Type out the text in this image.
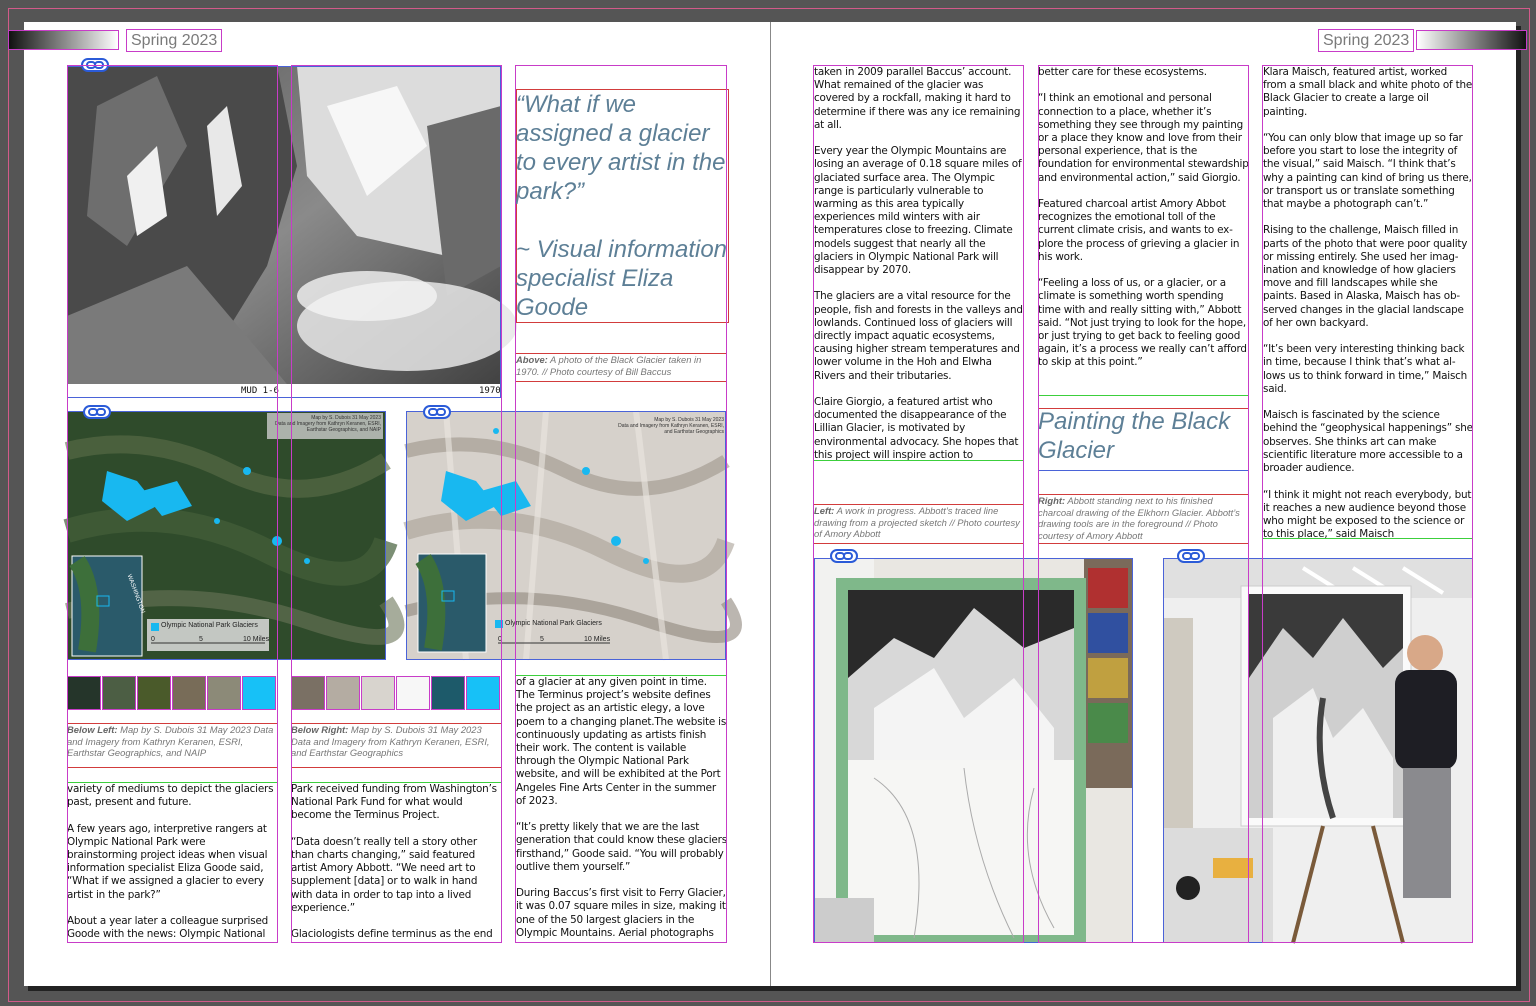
Spring 2023	Spring 2023
MUD 1-6	1970
“What if we assigned a glacier to every artist in the park?”

~ Visual information specialist Eliza Goode
Above: A photo of the Black Glacier taken in 1970. // Photo courtesy of Bill Baccus
WASHINGTON
Olympic National Park Glaciers
0	5	10 Miles
Map by S. Dubois 31 May 2023
Data and Imagery from Kathryn Keranen, ESRI, Earthstar Geographics, and NAIP
Olympic National Park Glaciers
0	5	10 Miles
Map by S. Dubois 31 May 2023
Data and Imagery from Kathryn Keranen, ESRI, and Earthstar Geographics
Below Left: Map by S. Dubois 31 May 2023 Data and Imagery from Kathryn Keranen, ESRI, Earthstar Geographics, and NAIP
Below Right: Map by S. Dubois 31 May 2023 Data and Imagery from Kathryn Keranen, ESRI, and Earthstar Geographics
variety of mediums to depict the glaciers past, present and future.

A few years ago, interpretive rangers at Olympic National Park were brainstorming project ideas when visual information specialist Eliza Goode said, “What if we assigned a glacier to every artist in the park?”

About a year later a colleague surprised Goode with the news: Olympic National
Park received funding from Washington’s National Park Fund for what would become the Terminus Project.

“Data doesn’t really tell a story other than charts changing,” said featured artist Amory Abbott. “We need art to supplement [data] or to walk in hand with data in order to tap into a lived experience.”

Glaciologists define terminus as the end
of a glacier at any given point in time. The Terminus project’s website defines the project as an artistic elegy, a love poem to a changing planet.The website is continuously updating as artists finish their work. The content is vailable through the Olympic National Park website, and will be exhibited at the Port Angeles Fine Arts Center in the summer of 2023.

“It’s pretty likely that we are the last generation that could know these glaciers firsthand,” Goode said. “You will probably outlive them yourself.”

During Baccus’s first visit to Ferry Glacier, it was 0.07 square miles in size, making it one of the 50 largest glaciers in the Olympic Mountains. Aerial photographs
taken in 2009 parallel Baccus’ account. What remained of the glacier was covered by a rockfall, making it hard to determine if there was any ice remaining at all.

Every year the Olympic Mountains are losing an average of 0.18 square miles of glaciated surface area. The Olympic range is particularly vulnerable to warming as this area typically experiences mild winters with air temperatures close to freezing. Climate models suggest that nearly all the glaciers in Olympic National Park will disappear by 2070.

The glaciers are a vital resource for the people, fish and forests in the valleys and lowlands. Continued loss of glaciers will directly impact aquatic ecosystems, causing higher stream temperatures and lower volume in the Hoh and Elwha Rivers and their tributaries.

Claire Giorgio, a featured artist who documented the disappearance of the Lillian Glacier, is motivated by environmental advocacy. She hopes that this project will inspire action to
better care for these ecosystems.

“I think an emotional and personal connection to a place, whether it’s something they see through my painting or a place they know and love from their personal experience, that is the foundation for environmental stewardship and environmental action,” said Giorgio.

Featured charcoal artist Amory Abbot recognizes the emotional toll of the current climate crisis, and wants to ex-plore the process of grieving a glacier in his work.

“Feeling a loss of us, or a glacier, or a climate is something worth spending time with and really sitting with,” Abbott said. “Not just trying to look for the hope, or just trying to get back to feeling good again, it’s a process we really can’t afford to skip at this point.”
Klara Maisch, featured artist, worked from a small black and white photo of the Black Glacier to create a large oil painting.

“You can only blow that image up so far before you start to lose the integrity of the visual,” said Maisch. “I think that’s why a painting can kind of bring us there, or transport us or translate something that maybe a photograph can’t.”

Rising to the challenge, Maisch filled in parts of the photo that were poor quality or missing entirely. She used her imag-ination and knowledge of how glaciers move and fill landscapes while she paints. Based in Alaska, Maisch has ob-served changes in the glacial landscape of her own backyard.

“It’s been very interesting thinking back in time, because I think that’s what al-lows us to think forward in time,” Maisch said.

Maisch is fascinated by the science behind the “geophysical happenings” she observes. She thinks art can make scientific literature more accessible to a broader audience.

“I think it might not reach everybody, but it reaches a new audience beyond those who might be exposed to the science or to this place,” said Maisch
Painting the Black Glacier
Left: A work in progress. Abbott’s traced line drawing from a projected sketch // Photo courtesy of Amory Abbott
Right: Abbott standing next to his finished charcoal drawing of the Elkhorn Glacier. Abbott’s drawing tools are in the foreground // Photo courtesy of Amory Abbott
